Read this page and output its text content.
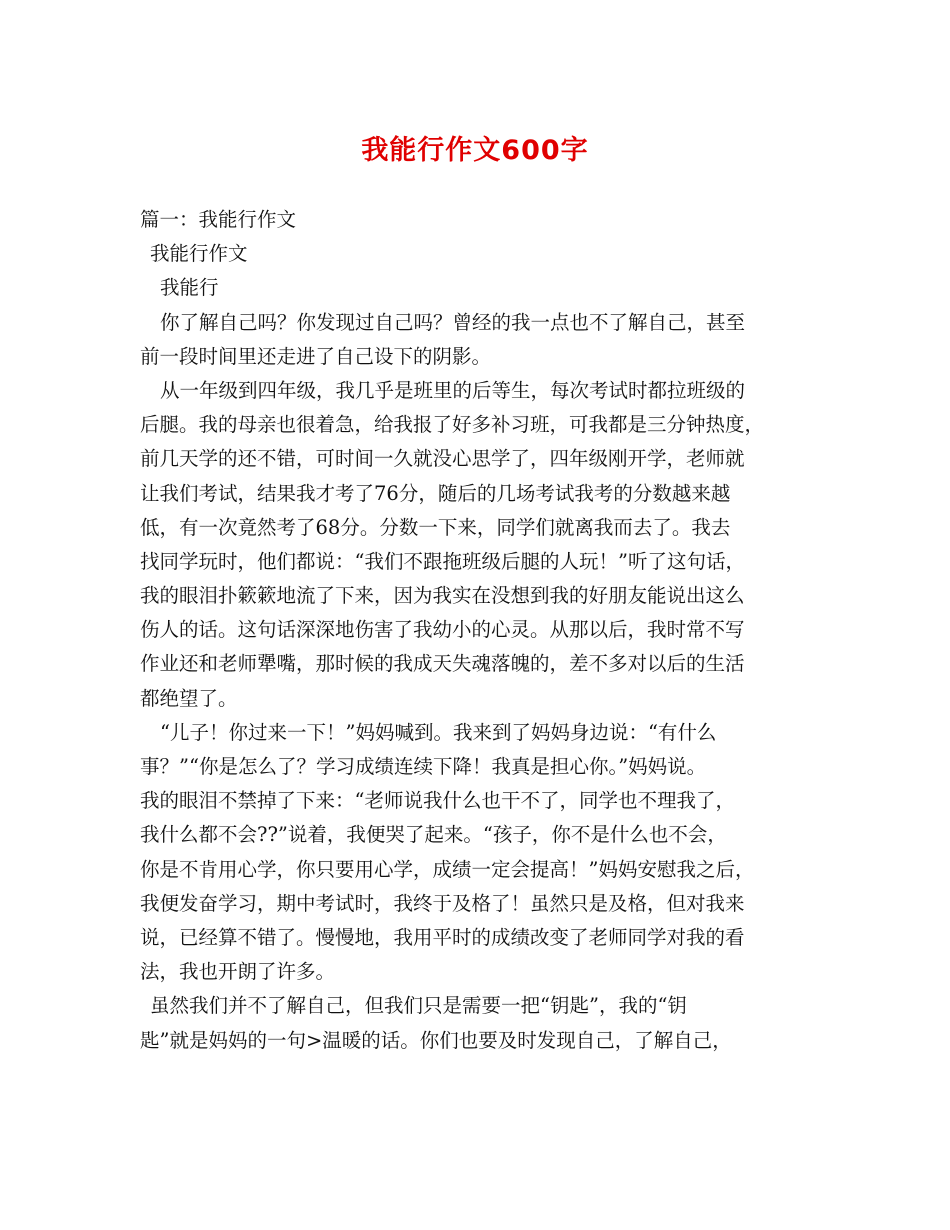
我能行作文600字
篇一：我能行作文
我能行作文
我能行
你了解自己吗？你发现过自己吗？曾经的我一点也不了解自己，甚至
前一段时间里还走进了自己设下的阴影。
从一年级到四年级，我几乎是班里的后等生，每次考试时都拉班级的
后腿。我的母亲也很着急，给我报了好多补习班，可我都是三分钟热度，
前几天学的还不错，可时间一久就没心思学了，四年级刚开学，老师就
让我们考试，结果我才考了76分，随后的几场考试我考的分数越来越
低，有一次竟然考了68分。分数一下来，同学们就离我而去了。我去
找同学玩时，他们都说：“我们不跟拖班级后腿的人玩！”听了这句话，
我的眼泪扑簌簌地流了下来，因为我实在没想到我的好朋友能说出这么
伤人的话。这句话深深地伤害了我幼小的心灵。从那以后，我时常不写
作业还和老师犟嘴，那时候的我成天失魂落魄的，差不多对以后的生活
都绝望了。
“儿子！你过来一下！”妈妈喊到。我来到了妈妈身边说：“有什么
事？”“你是怎么了？学习成绩连续下降！我真是担心你。”妈妈说。
我的眼泪不禁掉了下来：“老师说我什么也干不了，同学也不理我了，
我什么都不会??”说着，我便哭了起来。“孩子，你不是什么也不会，
你是不肯用心学，你只要用心学，成绩一定会提高！”妈妈安慰我之后，
我便发奋学习，期中考试时，我终于及格了！虽然只是及格，但对我来
说，已经算不错了。慢慢地，我用平时的成绩改变了老师同学对我的看
法，我也开朗了许多。
虽然我们并不了解自己，但我们只是需要一把“钥匙”，我的“钥
匙”就是妈妈的一句>温暖的话。你们也要及时发现自己，了解自己，
